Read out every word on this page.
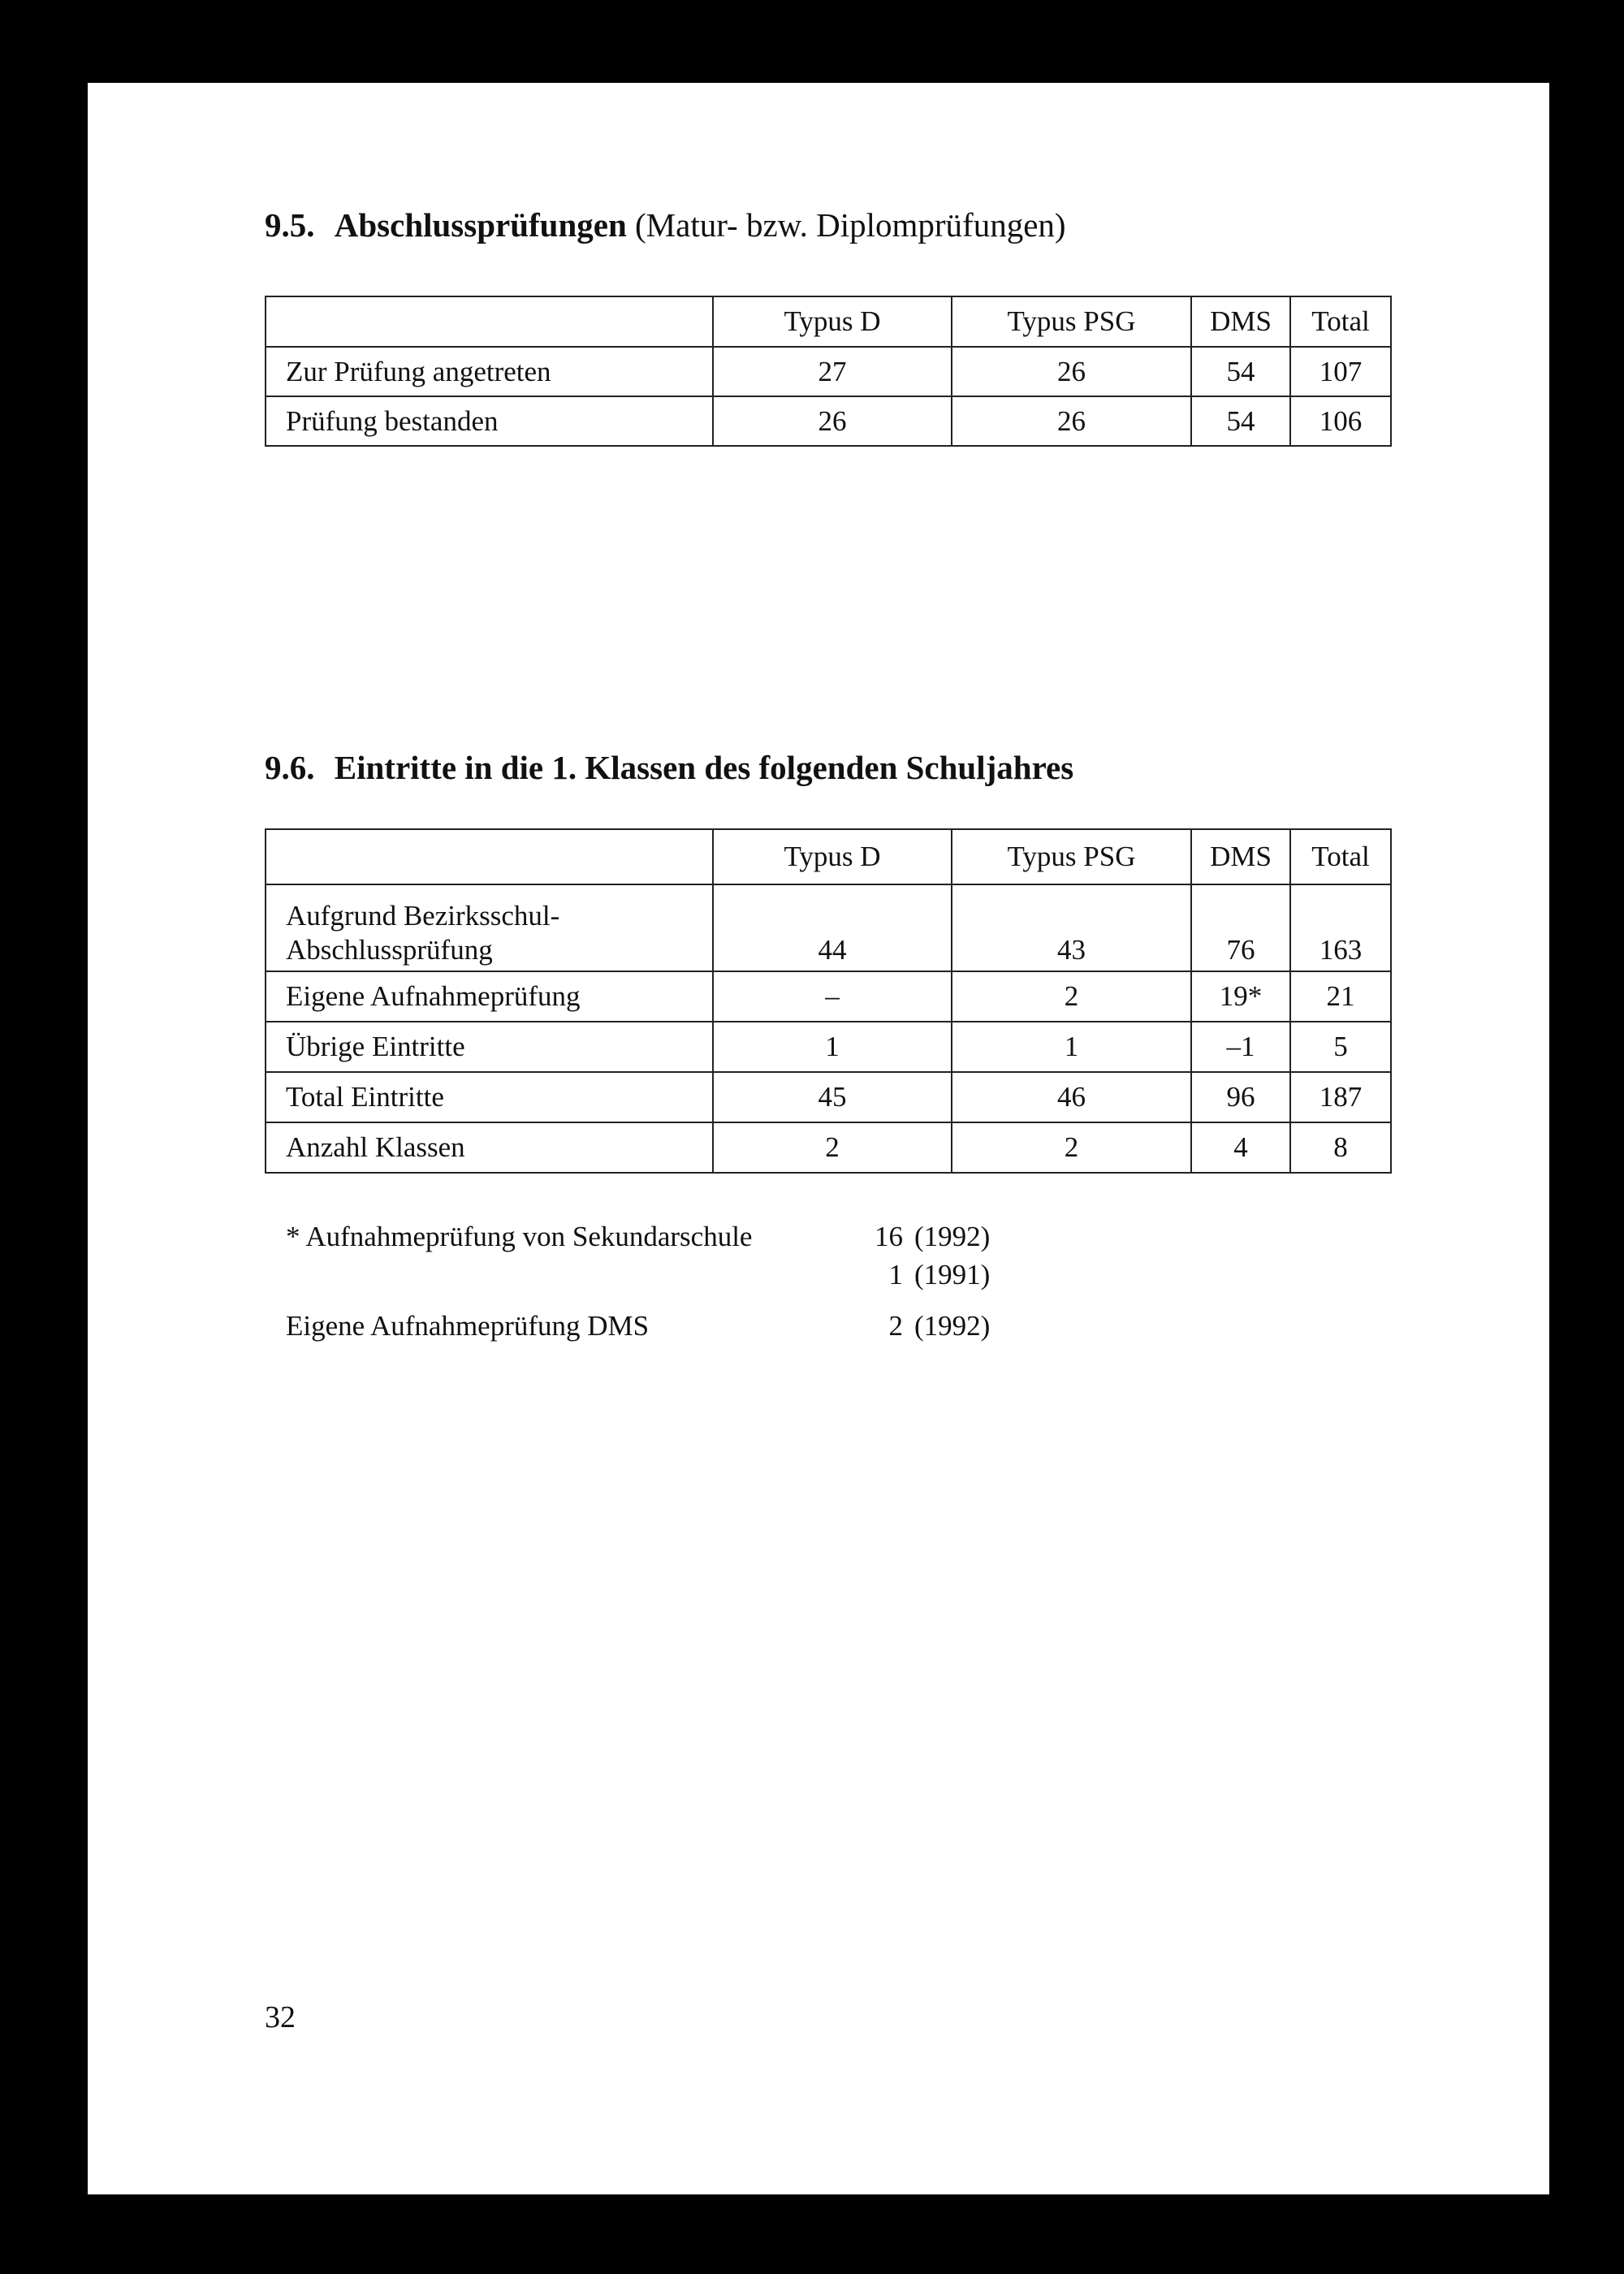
9.5. Abschlussprüfungen (Matur- bzw. Diplomprüfungen)
	Typus D	Typus PSG	DMS	Total
Zur Prüfung angetreten	27	26	54	107
Prüfung bestanden	26	26	54	106
9.6. Eintritte in die 1. Klassen des folgenden Schuljahres
	Typus D	Typus PSG	DMS	Total

Aufgrund Bezirksschul-
Abschlussprüfung	44	43	76	163
Eigene Aufnahmeprüfung	–	2	19*	21
Übrige Eintritte	1	1	–1	5
Total Eintritte	45	46	96	187
Anzahl Klassen	2	2	4	8
* Aufnahmeprüfung von Sekundarschule	16 (1992)
1 (1991)
Eigene Aufnahmeprüfung DMS	2 (1992)
32
